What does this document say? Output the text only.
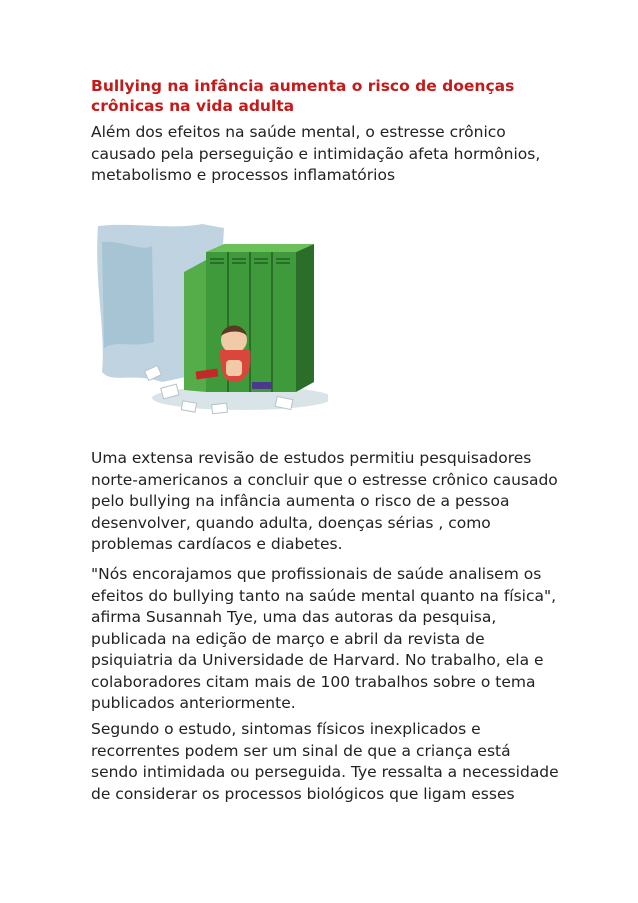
Bullying na infância aumenta o risco de doenças crônicas na vida adulta

Além dos efeitos na saúde mental, o estresse crônico causado pela perseguição e intimidação afeta hormônios, metabolismo e processos inflamatórios

Uma extensa revisão de estudos permitiu pesquisadores norte-americanos a concluir que o estresse crônico causado pelo bullying na infância aumenta o risco de a pessoa desenvolver, quando adulta, doenças sérias , como problemas cardíacos e diabetes.

"Nós encorajamos que profissionais de saúde analisem os efeitos do bullying tanto na saúde mental quanto na física", afirma Susannah Tye, uma das autoras da pesquisa, publicada na edição de março e abril da revista de psiquiatria da Universidade de Harvard. No trabalho, ela e colaboradores citam mais de 100 trabalhos sobre o tema publicados anteriormente.

Segundo o estudo, sintomas físicos inexplicados e recorrentes podem ser um sinal de que a criança está sendo intimidada ou perseguida. Tye ressalta a necessidade de considerar os processos biológicos que ligam esses
